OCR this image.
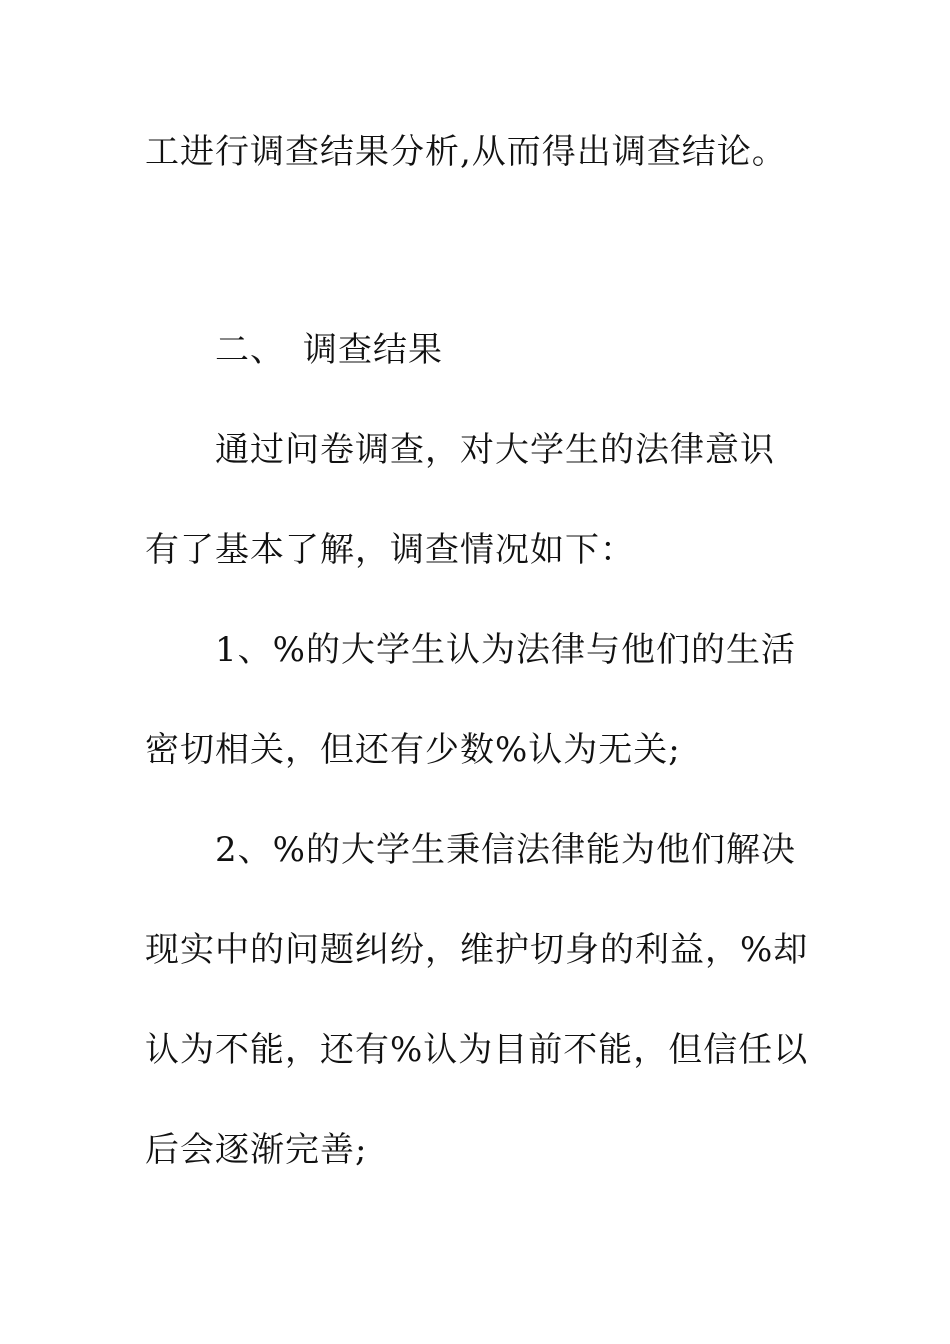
工进行调查结果分析,从而得出调查结论。
二、 调查结果
通过问卷调查，对大学生的法律意识
有了基本了解，调查情况如下：
1、%的大学生认为法律与他们的生活
密切相关，但还有少数%认为无关;
2、%的大学生秉信法律能为他们解决
现实中的问题纠纷，维护切身的利益，%却
认为不能，还有%认为目前不能，但信任以
后会逐渐完善;
